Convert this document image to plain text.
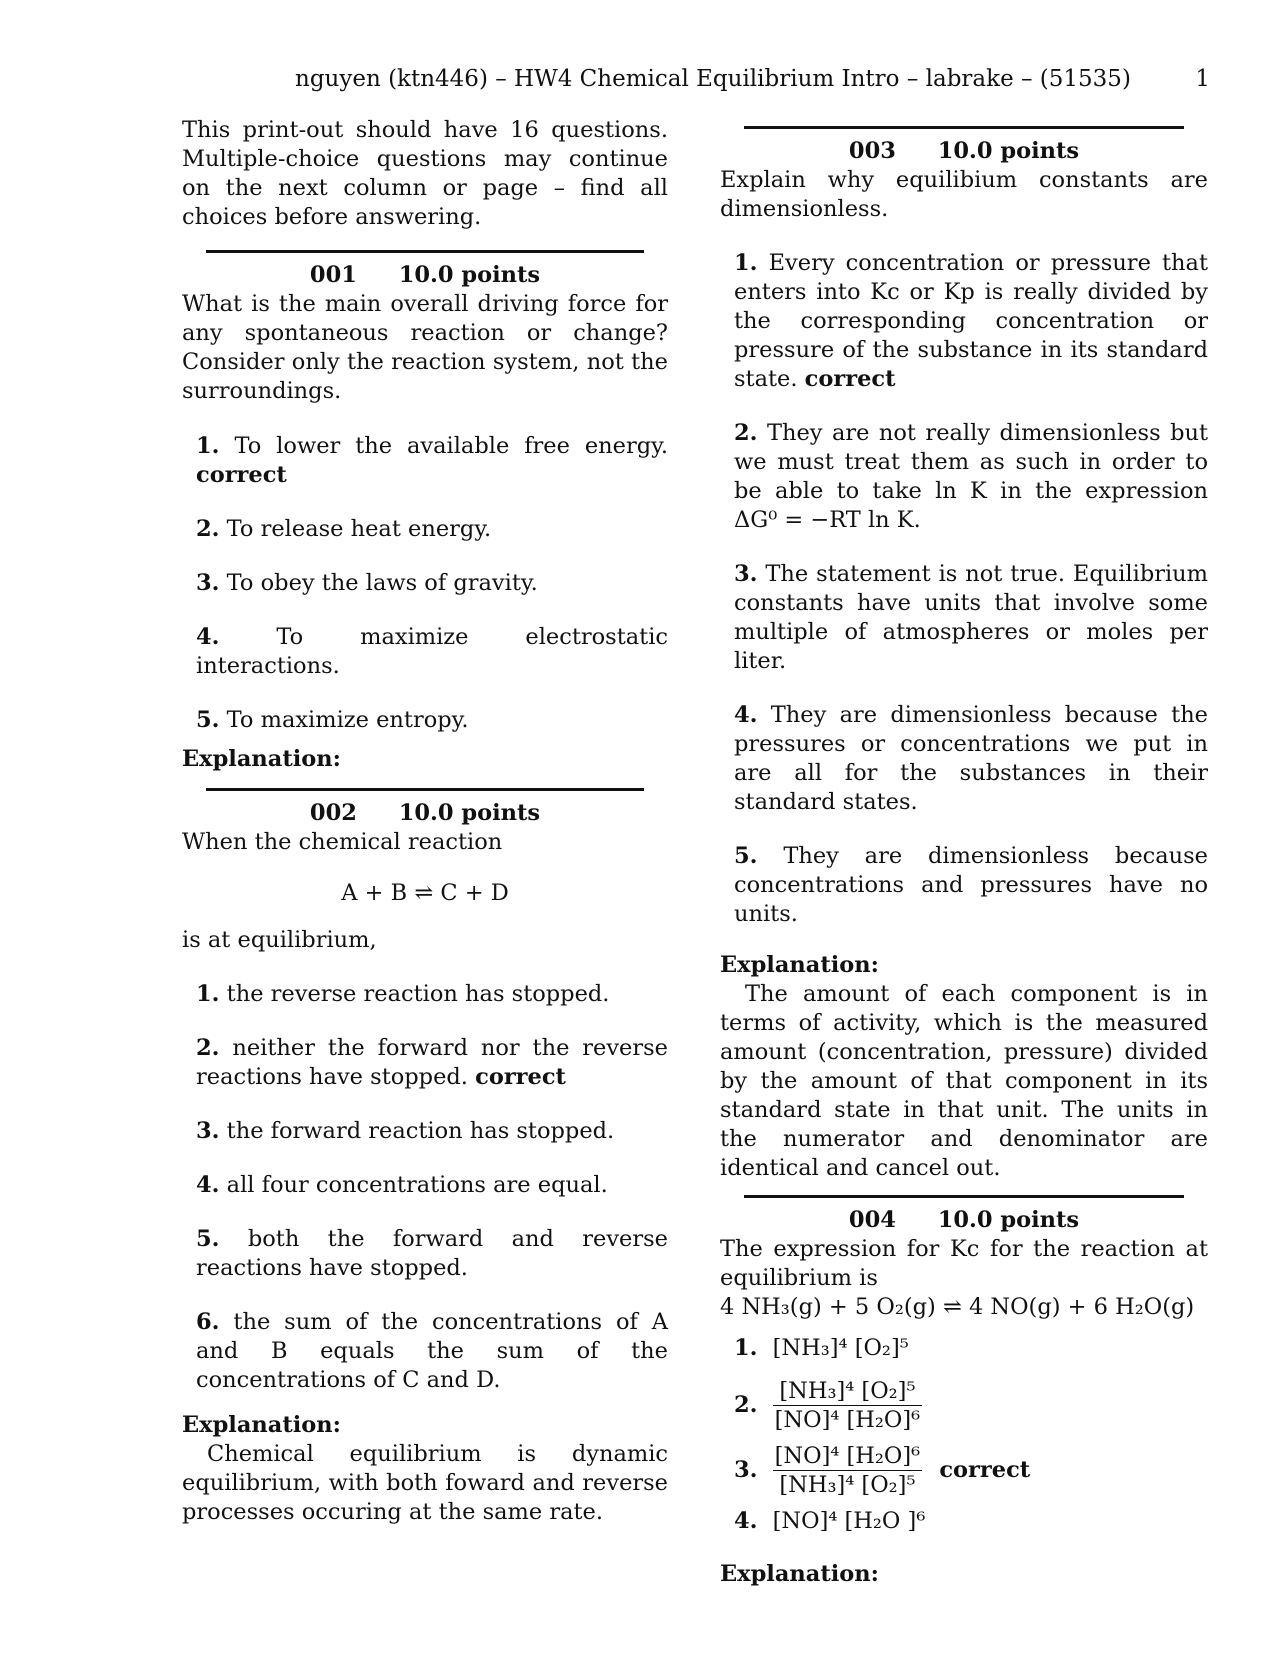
nguyen (ktn446) – HW4 Chemical Equilibrium Intro – labrake – (51535)	1

This print-out should have 16 questions. Multiple-choice questions may continue on the next column or page – find all choices before answering.

001 10.0 points

What is the main overall driving force for any spontaneous reaction or change? Consider only the reaction system, not the surroundings.

1. To lower the available free energy. correct
2. To release heat energy.
3. To obey the laws of gravity.
4.	To maximize electrostatic interactions.
5. To maximize entropy.
Explanation:
002 10.0 points

When the chemical reaction

A + B ⇌ C + D

is at equilibrium,

1. the reverse reaction has stopped.
2. neither the forward nor the reverse reactions have stopped. correct
3. the forward reaction has stopped.
4. all four concentrations are equal.
5. both the forward and reverse reactions have stopped.
6. the sum of the concentrations of A and B equals the sum of the concentrations of C and D.
Explanation:

Chemical equilibrium is dynamic equilibrium, with both foward and reverse processes occuring at the same rate.

003 10.0 points

Explain why equilibium constants are dimensionless.

1. Every concentration or pressure that enters into Kc or Kp is really divided by the corresponding concentration or pressure of the substance in its standard state. correct
2. They are not really dimensionless but we must treat them as such in order to be able to take ln K in the expression ΔG⁰ = −RT ln K.
3. The statement is not true. Equilibrium constants have units that involve some multiple of atmospheres or moles per liter.
4. They are dimensionless because the pressures or concentrations we put in are all for the substances in their standard states.
5. They are dimensionless because concentrations and pressures have no units.
Explanation:

The amount of each component is in terms of activity, which is the measured amount (concentration, pressure) divided by the amount of that component in its standard state in that unit. The units in the numerator and denominator are identical and cancel out.

004 10.0 points

The expression for Kc for the reaction at equilibrium is

4 NH₃(g) + 5 O₂(g) ⇌ 4 NO(g) + 6 H₂O(g)
1. [NH₃]⁴ [O₂]⁵
2. $\frac{\text{[NH₃]⁴ [O₂]⁵}}{\text{[NO]⁴ [H₂O]⁶}}$
3. $\frac{\text{[NO]⁴ [H₂O]⁶}}{\text{[NH₃]⁴ [O₂]⁵}}$ correct
4. [NO]⁴ [H₂O ]⁶
Explanation:
